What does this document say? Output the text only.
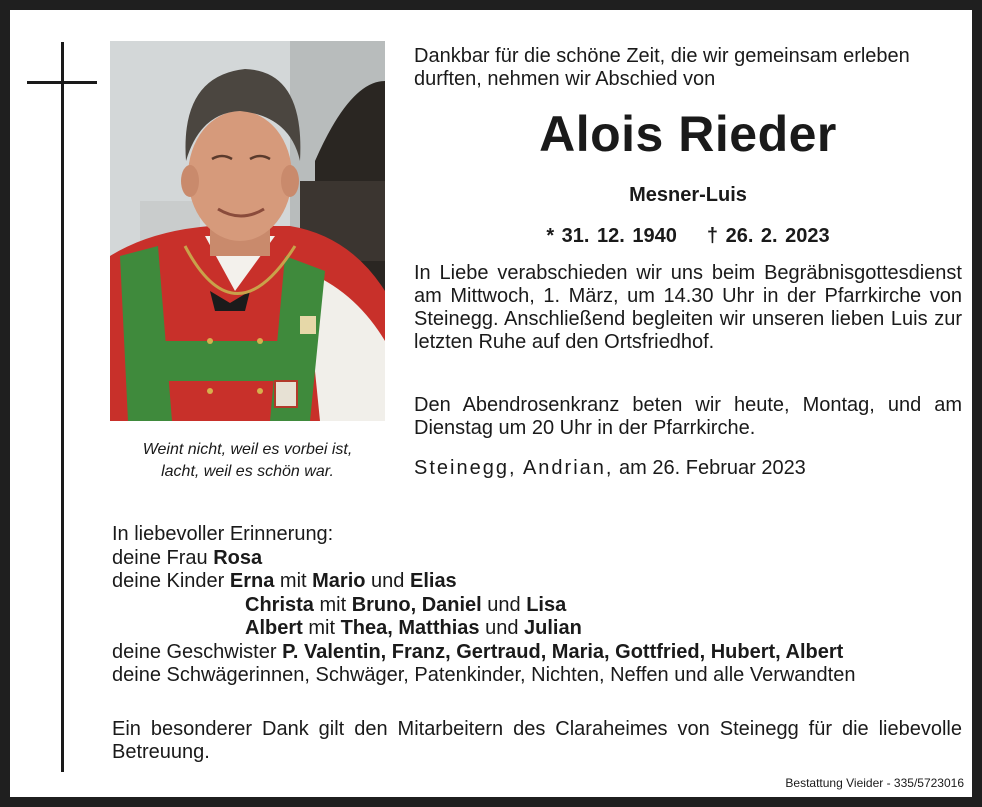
Weint nicht, weil es vorbei ist,
lacht, weil es schön war.
Dankbar für die schöne Zeit, die wir gemeinsam erleben durften, nehmen wir Abschied von
Alois Rieder
Mesner-Luis
* 31. 12. 1940 † 26. 2. 2023
In Liebe verabschieden wir uns beim Begräbnisgottesdienst am Mittwoch, 1. März, um 14.30 Uhr in der Pfarrkirche von Steinegg. Anschließend begleiten wir unseren lieben Luis zur letzten Ruhe auf den Ortsfriedhof.
Den Abendrosenkranz beten wir heute, Montag, und am Dienstag um 20 Uhr in der Pfarrkirche.
Steinegg, Andrian, am 26. Februar 2023
In liebevoller Erinnerung:
deine Frau Rosa
deine Kinder Erna mit Mario und Elias
Christa mit Bruno, Daniel und Lisa
Albert mit Thea, Matthias und Julian
deine Geschwister P. Valentin, Franz, Gertraud, Maria, Gottfried, Hubert, Albert
deine Schwägerinnen, Schwäger, Patenkinder, Nichten, Neffen und alle Verwandten
Ein besonderer Dank gilt den Mitarbeitern des Claraheimes von Steinegg für die liebevolle Betreuung.
Bestattung Vieider - 335/5723016
